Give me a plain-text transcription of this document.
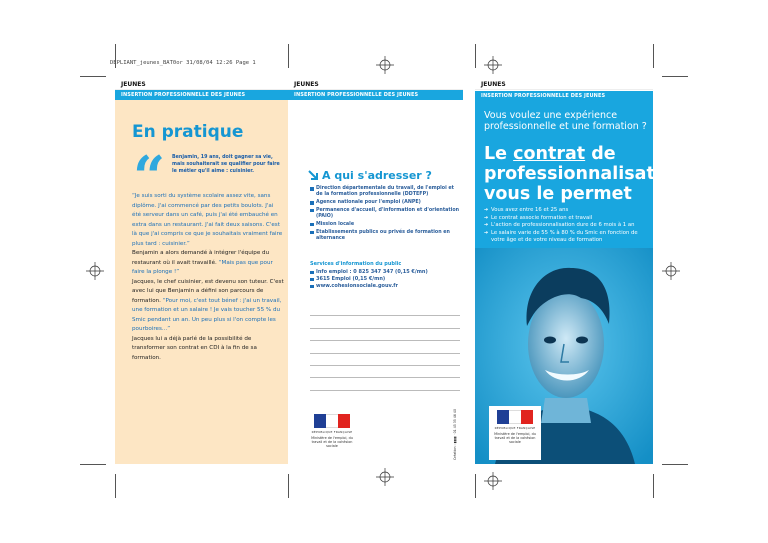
DEPLIANT_jeunes_BAT0or 31/08/04 12:26 Page 1
JEUNES
INSERTION PROFESSIONNELLE DES JEUNES
En pratique
“ Benjamin, 19 ans, doit gagner sa vie, mais souhaiterait se qualifier pour faire le métier qu'il aime : cuisinier.

“Je suis sorti du système scolaire assez vite, sans diplôme. J'ai commencé par des petits boulots. J'ai été serveur dans un café, puis j'ai été embauché en extra dans un restaurant. J'ai fait deux saisons. C'est là que j'ai compris ce que je souhaitais vraiment faire plus tard : cuisinier.”
Benjamin a alors demandé à intégrer l'équipe du restaurant où il avait travaillé. “Mais pas que pour faire la plonge !”
Jacques, le chef cuisinier, est devenu son tuteur. C'est avec lui que Benjamin a défini son parcours de formation. “Pour moi, c'est tout bénef : j'ai un travail, une formation et un salaire ! Je vais toucher 55 % du Smic pendant un an. Un peu plus si l'on compte les pourboires...”
Jacques lui a déjà parlé de la possibilité de transformer son contrat en CDI à la fin de sa formation.
JEUNES
INSERTION PROFESSIONNELLE DES JEUNES
A qui s'adresser ?
Direction départementale du travail, de l'emploi et de la formation professionnelle (DDTEFP)
Agence nationale pour l'emploi (ANPE)
Permanence d'accueil, d'information et d'orientation (PAIO)
Mission locale
Etablissements publics ou privés de formation en alternance
Services d'information du public
Info emploi : 0 825 347 347 (0,15 €/mn)
3615 Emploi (0,15 €/mn)
www.cohesionsociale.gouv.fr
RÉPUBLIQUE FRANÇAISE
Ministère de l'emploi, du travail et de la cohésion sociale	Création : ▮▮▮▮ · 01 45 35 46 40
JEUNES
INSERTION PROFESSIONNELLE DES JEUNES

Vous voulez une expérience professionnelle et une formation ?

Le contrat de professionnalisation vous le permet
➔ Vous avez entre 16 et 25 ans
➔ Le contrat associe formation et travail
➔ L'action de professionnalisation dure de 6 mois à 1 an
➔ Le salaire varie de 55 % à 80 % du Smic en fonction de votre âge et de votre niveau de formation
RÉPUBLIQUE FRANÇAISE
Ministère de l'emploi, du travail et de la cohésion sociale
